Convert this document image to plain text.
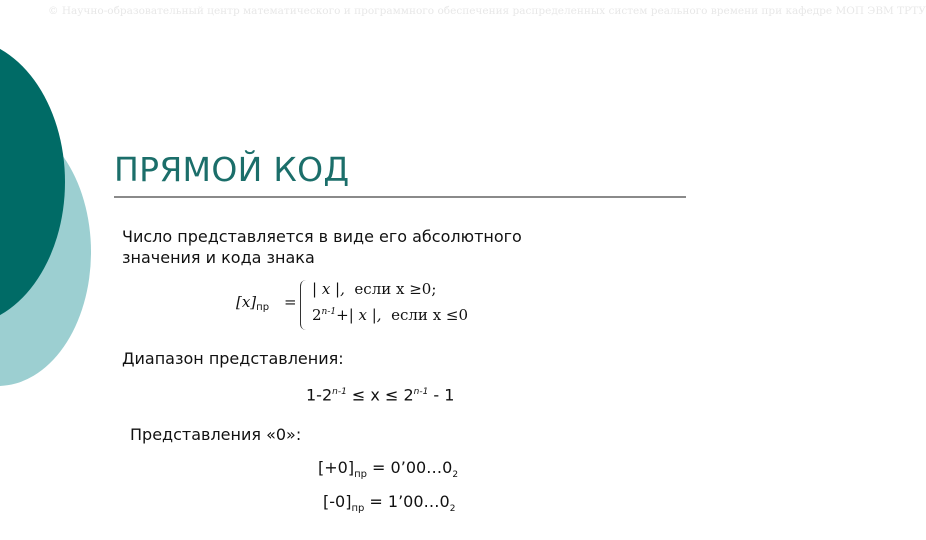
© Научно-образовательный центр математического и программного обеспечения распределенных систем реального времени при кафедре МОП ЭВМ ТРТУ
ПРЯМОЙ КОД
Число представляется в виде его абсолютного
значения и кода знака
$[x]_{пр}$ =
| x |, если x ≥0;
$2^{n-1}+|$ x |, если x ≤0
Диапазон представления:
$1-2^{n-1} \le x \le 2^{n-1} - 1$
Представления «0»:
$[+0]_{пр}$ = $0’00\dots 0_2$
$[-0]_{пр}$ = $1’00\dots 0_2$
